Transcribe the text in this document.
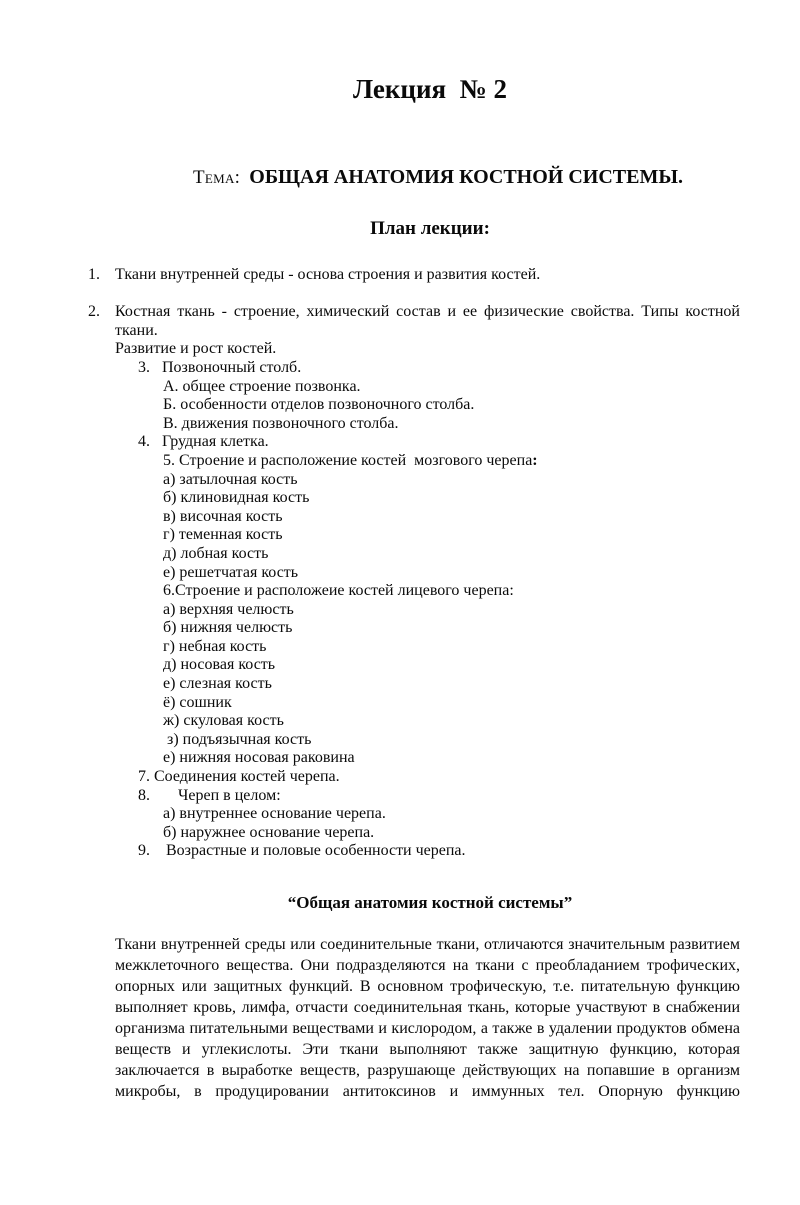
Лекция  № 2

Тема: ОБЩАЯ АНАТОМИЯ КОСТНОЙ СИСТЕМЫ.

План лекции:
1. Ткани внутренней среды - основа строения и развития костей.
2. Костная ткань - строение, химический состав и ее физические свойства. Типы костной
ткани.
Развитие и рост костей.
3.   Позвоночный столб.
А. общее строение позвонка.
Б. особенности отделов позвоночного столба.
В. движения позвоночного столба.
4.   Грудная клетка.
5. Строение и расположение костей  мозгового черепа:
а) затылочная кость
б) клиновидная кость
в) височная кость
г) теменная кость
д) лобная кость
е) решетчатая кость
6.Строение и расположеие костей лицевого черепа:
а) верхняя челюсть
б) нижняя челюсть
г) небная кость
д) носовая кость
е) слезная кость
ё) сошник
ж) скуловая кость
з) подъязычная кость
е) нижняя носовая раковина
7. Соединения костей черепа.
8.       Череп в целом:
а) внутреннее основание черепа.
б) наружнее основание черепа.
9.    Возрастные и половые особенности черепа.
“Общая анатомия костной системы”
Ткани внутренней среды или соединительные ткани, отличаются значительным развитием
межклеточного вещества. Они подразделяются на ткани с преобладанием трофических,
опорных или защитных функций. В основном трофическую, т.е. питательную функцию
выполняет кровь, лимфа, отчасти соединительная ткань, которые участвуют в снабжении
организма питательными веществами и кислородом, а также в удалении продуктов обмена
веществ и углекислоты. Эти ткани выполняют также защитную функцию, которая
заключается в выработке веществ, разрушающе действующих на попавшие в организм
микробы, в продуцировании антитоксинов и иммунных тел. Опорную функцию
